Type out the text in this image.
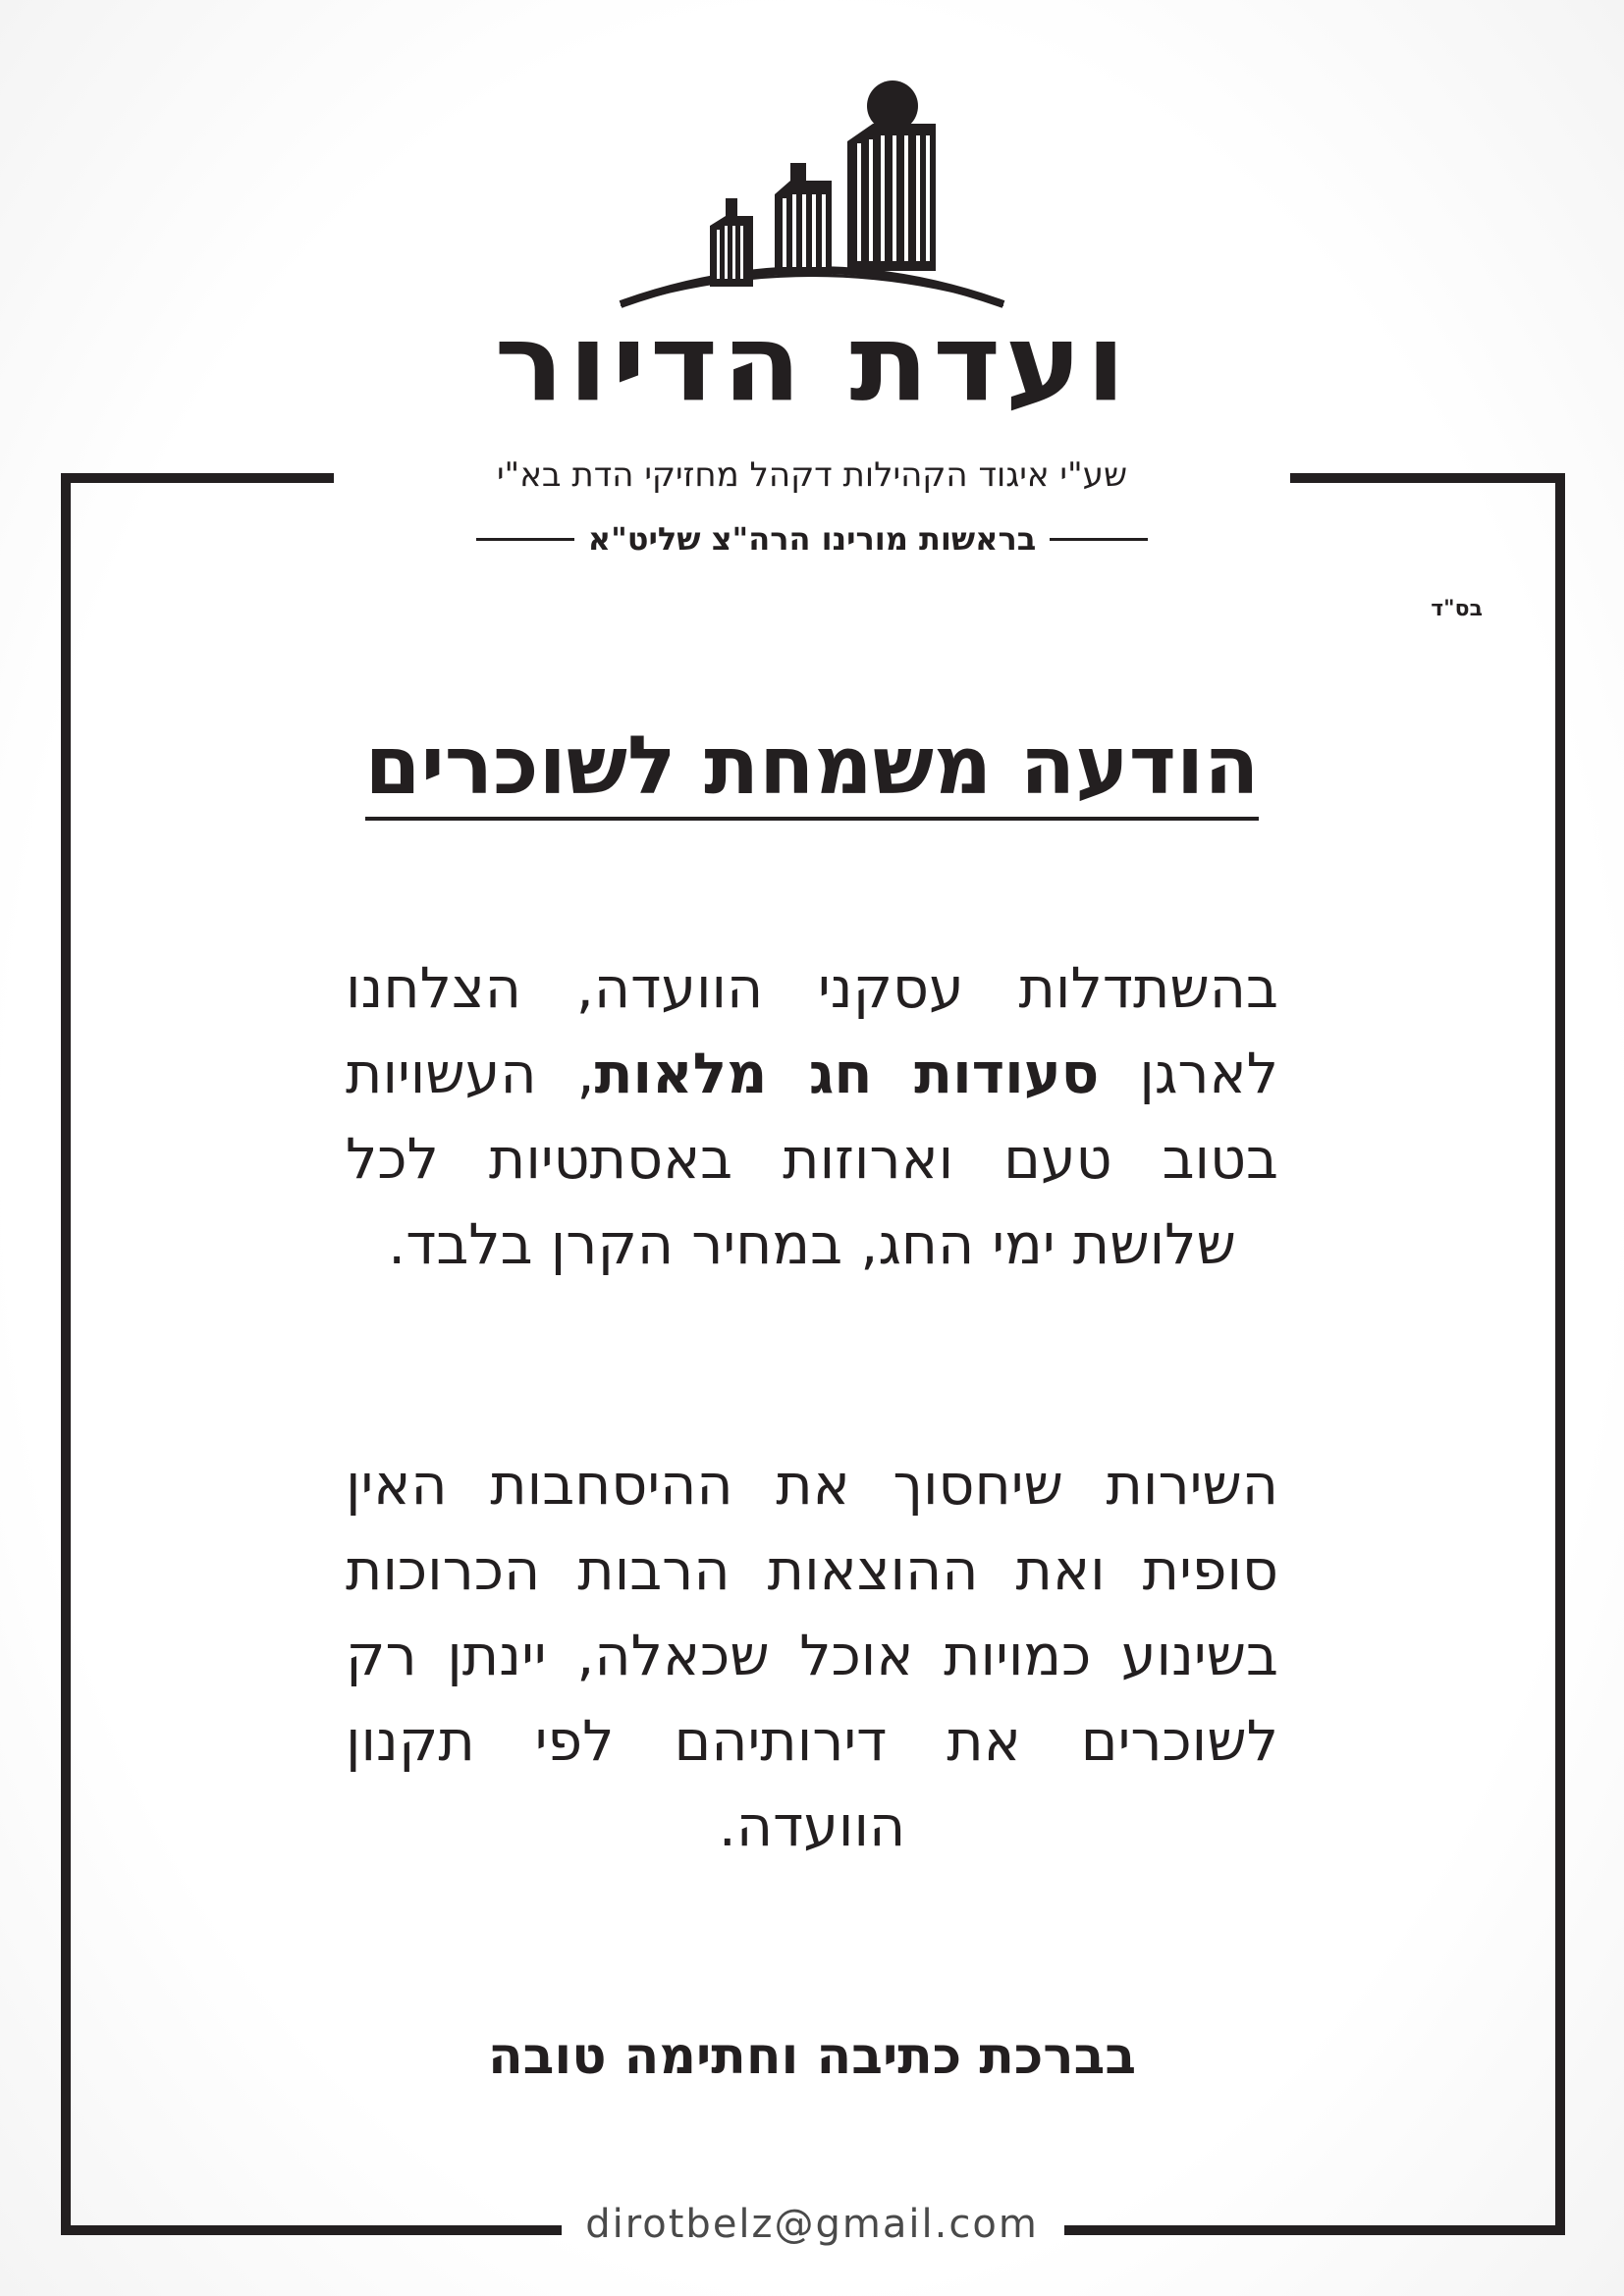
ועדת הדיור
שע"י איגוד הקהילות דקהל מחזיקי הדת בא"י
בראשות מורינו הרה"צ שליט"א
בס"ד
הודעה משמחת לשוכרים
בהשתדלות עסקני הוועדה, הצלחנו לארגן סעודות חג מלאות, העשויות בטוב טעם וארוזות באסתטיות לכל שלושת ימי החג, במחיר הקרן בלבד.
השירות שיחסוך את ההיסחבות האין סופית ואת ההוצאות הרבות הכרוכות בשינוע כמויות אוכל שכאלה, יינתן רק לשוכרים את דירותיהם לפי תקנון הוועדה.
בברכת כתיבה וחתימה טובה
dirotbelz@gmail.com
